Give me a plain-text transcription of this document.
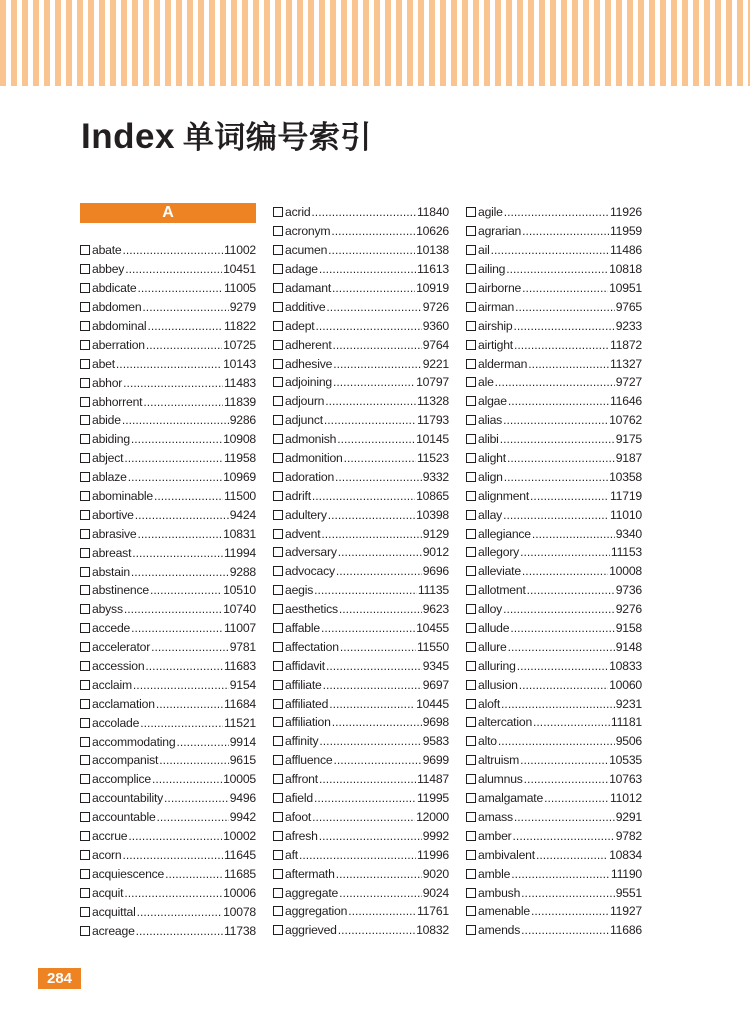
Index 单词编号索引
A
abate .....	11002
abbey .....	10451
abdicate .....	11005
abdomen .....	9279
abdominal .....	11822
aberration .....	10725
abet .....	10143
abhor .....	11483
abhorrent .....	11839
abide .....	9286
abiding .....	10908
abject .....	11958
ablaze .....	10969
abominable .....	11500
abortive .....	9424
abrasive .....	10831
abreast .....	11994
abstain .....	9288
abstinence .....	10510
abyss .....	10740
accede .....	11007
accelerator .....	9781
accession .....	11683
acclaim .....	9154
acclamation .....	11684
accolade .....	11521
accommodating .....	9914
accompanist .....	9615
accomplice .....	10005
accountability .....	9496
accountable .....	9942
accrue .....	10002
acorn .....	11645
acquiescence .....	11685
acquit .....	10006
acquittal .....	10078
acreage .....	11738
acrid .....	11840
acronym .....	10626
acumen .....	10138
adage .....	11613
adamant .....	10919
additive .....	9726
adept .....	9360
adherent .....	9764
adhesive .....	9221
adjoining .....	10797
adjourn .....	11328
adjunct .....	11793
admonish .....	10145
admonition .....	11523
adoration .....	9332
adrift .....	10865
adultery .....	10398
advent .....	9129
adversary .....	9012
advocacy .....	9696
aegis .....	11135
aesthetics .....	9623
affable .....	10455
affectation .....	11550
affidavit .....	9345
affiliate .....	9697
affiliated .....	10445
affiliation .....	9698
affinity .....	9583
affluence .....	9699
affront .....	11487
afield .....	11995
afoot .....	12000
afresh .....	9992
aft .....	11996
aftermath .....	9020
aggregate .....	9024
aggregation .....	11761
aggrieved .....	10832
agile .....	11926
agrarian .....	11959
ail .....	11486
ailing .....	10818
airborne .....	10951
airman .....	9765
airship .....	9233
airtight .....	11872
alderman .....	11327
ale .....	9727
algae .....	11646
alias .....	10762
alibi .....	9175
alight .....	9187
align .....	10358
alignment .....	11719
allay .....	11010
allegiance .....	9340
allegory .....	11153
alleviate .....	10008
allotment .....	9736
alloy .....	9276
allude .....	9158
allure .....	9148
alluring .....	10833
allusion .....	10060
aloft .....	9231
altercation .....	11181
alto .....	9506
altruism .....	10535
alumnus .....	10763
amalgamate .....	11012
amass .....	9291
amber .....	9782
ambivalent .....	10834
amble .....	11190
ambush .....	9551
amenable .....	11927
amends .....	11686
284
